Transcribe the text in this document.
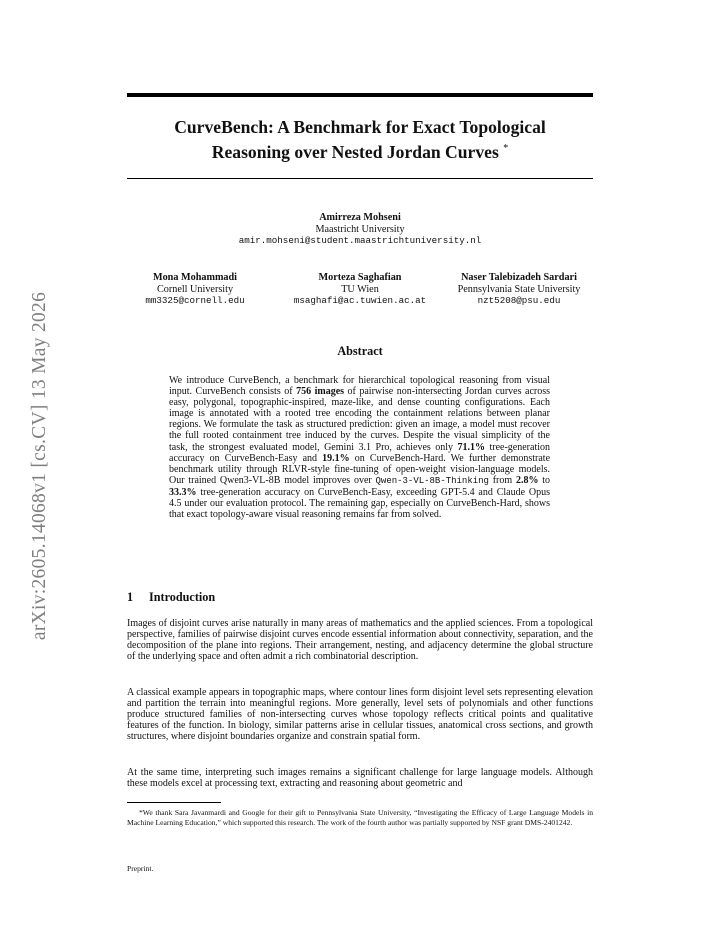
arXiv:2605.14068v1 [cs.CV] 13 May 2026
CurveBench: A Benchmark for Exact Topological
Reasoning over Nested Jordan Curves *
Amirreza Mohseni
Maastricht University
amir.mohseni@student.maastrichtuniversity.nl
Mona Mohammadi
Cornell University
mm3325@cornell.edu
Morteza Saghafian
TU Wien
msaghafi@ac.tuwien.ac.at
Naser Talebizadeh Sardari
Pennsylvania State University
nzt5208@psu.edu
Abstract
We introduce CurveBench, a benchmark for hierarchical topological reasoning from visual input. CurveBench consists of 756 images of pairwise non-intersecting Jordan curves across easy, polygonal, topographic-inspired, maze-like, and dense counting configurations. Each image is annotated with a rooted tree encoding the containment relations between planar regions. We formulate the task as structured prediction: given an image, a model must recover the full rooted containment tree induced by the curves. Despite the visual simplicity of the task, the strongest evaluated model, Gemini 3.1 Pro, achieves only 71.1% tree-generation accuracy on CurveBench-Easy and 19.1% on CurveBench-Hard. We further demonstrate benchmark utility through RLVR-style fine-tuning of open-weight vision-language models. Our trained Qwen3-VL-8B model improves over Qwen-3-VL-8B-Thinking from 2.8% to 33.3% tree-generation accuracy on CurveBench-Easy, exceeding GPT-5.4 and Claude Opus 4.5 under our evaluation protocol. The remaining gap, especially on CurveBench-Hard, shows that exact topology-aware visual reasoning remains far from solved.
1 Introduction
Images of disjoint curves arise naturally in many areas of mathematics and the applied sciences. From a topological perspective, families of pairwise disjoint curves encode essential information about connectivity, separation, and the decomposition of the plane into regions. Their arrangement, nesting, and adjacency determine the global structure of the underlying space and often admit a rich combinatorial description.
A classical example appears in topographic maps, where contour lines form disjoint level sets representing elevation and partition the terrain into meaningful regions. More generally, level sets of polynomials and other functions produce structured families of non-intersecting curves whose topology reflects critical points and qualitative features of the function. In biology, similar patterns arise in cellular tissues, anatomical cross sections, and growth structures, where disjoint boundaries organize and constrain spatial form.
At the same time, interpreting such images remains a significant challenge for large language models. Although these models excel at processing text, extracting and reasoning about geometric and
*We thank Sara Javanmardi and Google for their gift to Pennsylvania State University, “Investigating the Efficacy of Large Language Models in Machine Learning Education,” which supported this research. The work of the fourth author was partially supported by NSF grant DMS-2401242.
Preprint.
